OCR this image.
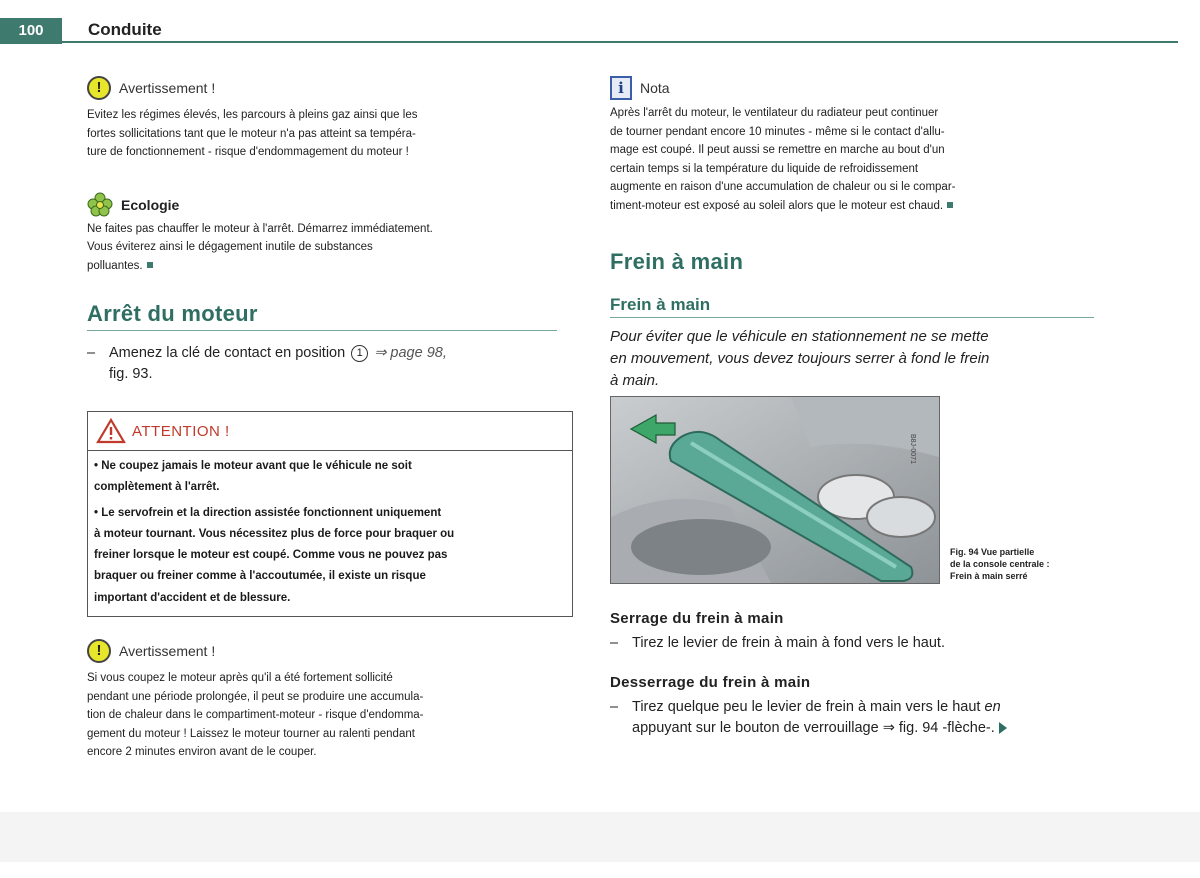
100	Conduite
!	Avertissement !

Evitez les régimes élevés, les parcours à pleins gaz ainsi que les

fortes sollicitations tant que le moteur n'a pas atteint sa tempéra-

ture de fonctionnement - risque d'endommagement du moteur !

Ecologie

Ne faites pas chauffer le moteur à l'arrêt. Démarrez immédiatement.

Vous éviterez ainsi le dégagement inutile de substances

polluantes.

Arrêt du moteur
– Amenez la clé de contact en position 1 ⇒ page 98,
fig. 93.
ATTENTION !

• Ne coupez jamais le moteur avant que le véhicule ne soit

complètement à l'arrêt.

• Le servofrein et la direction assistée fonctionnent uniquement

à moteur tournant. Vous nécessitez plus de force pour braquer ou

freiner lorsque le moteur est coupé. Comme vous ne pouvez pas

braquer ou freiner comme à l'accoutumée, il existe un risque

important d'accident et de blessure.

!	Avertissement !

Si vous coupez le moteur après qu'il a été fortement sollicité

pendant une période prolongée, il peut se produire une accumula-

tion de chaleur dans le compartiment-moteur - risque d'endomma-

gement du moteur ! Laissez le moteur tourner au ralenti pendant

encore 2 minutes environ avant de le couper.

i	Nota

Après l'arrêt du moteur, le ventilateur du radiateur peut continuer

de tourner pendant encore 10 minutes - même si le contact d'allu-

mage est coupé. Il peut aussi se remettre en marche au bout d'un

certain temps si la température du liquide de refroidissement

augmente en raison d'une accumulation de chaleur ou si le compar-

timent-moteur est exposé au soleil alors que le moteur est chaud.

Frein à main
Frein à main
Pour éviter que le véhicule en stationnement ne se mette
en mouvement, vous devez toujours serrer à fond le frein
à main.
B8J-0071
Fig. 94 Vue partielle
de la console centrale :
Frein à main serré
Serrage du frein à main
– Tirez le levier de frein à main à fond vers le haut.
Desserrage du frein à main
– Tirez quelque peu le levier de frein à main vers le haut en
appuyant sur le bouton de verrouillage ⇒ fig. 94 -flèche-.
